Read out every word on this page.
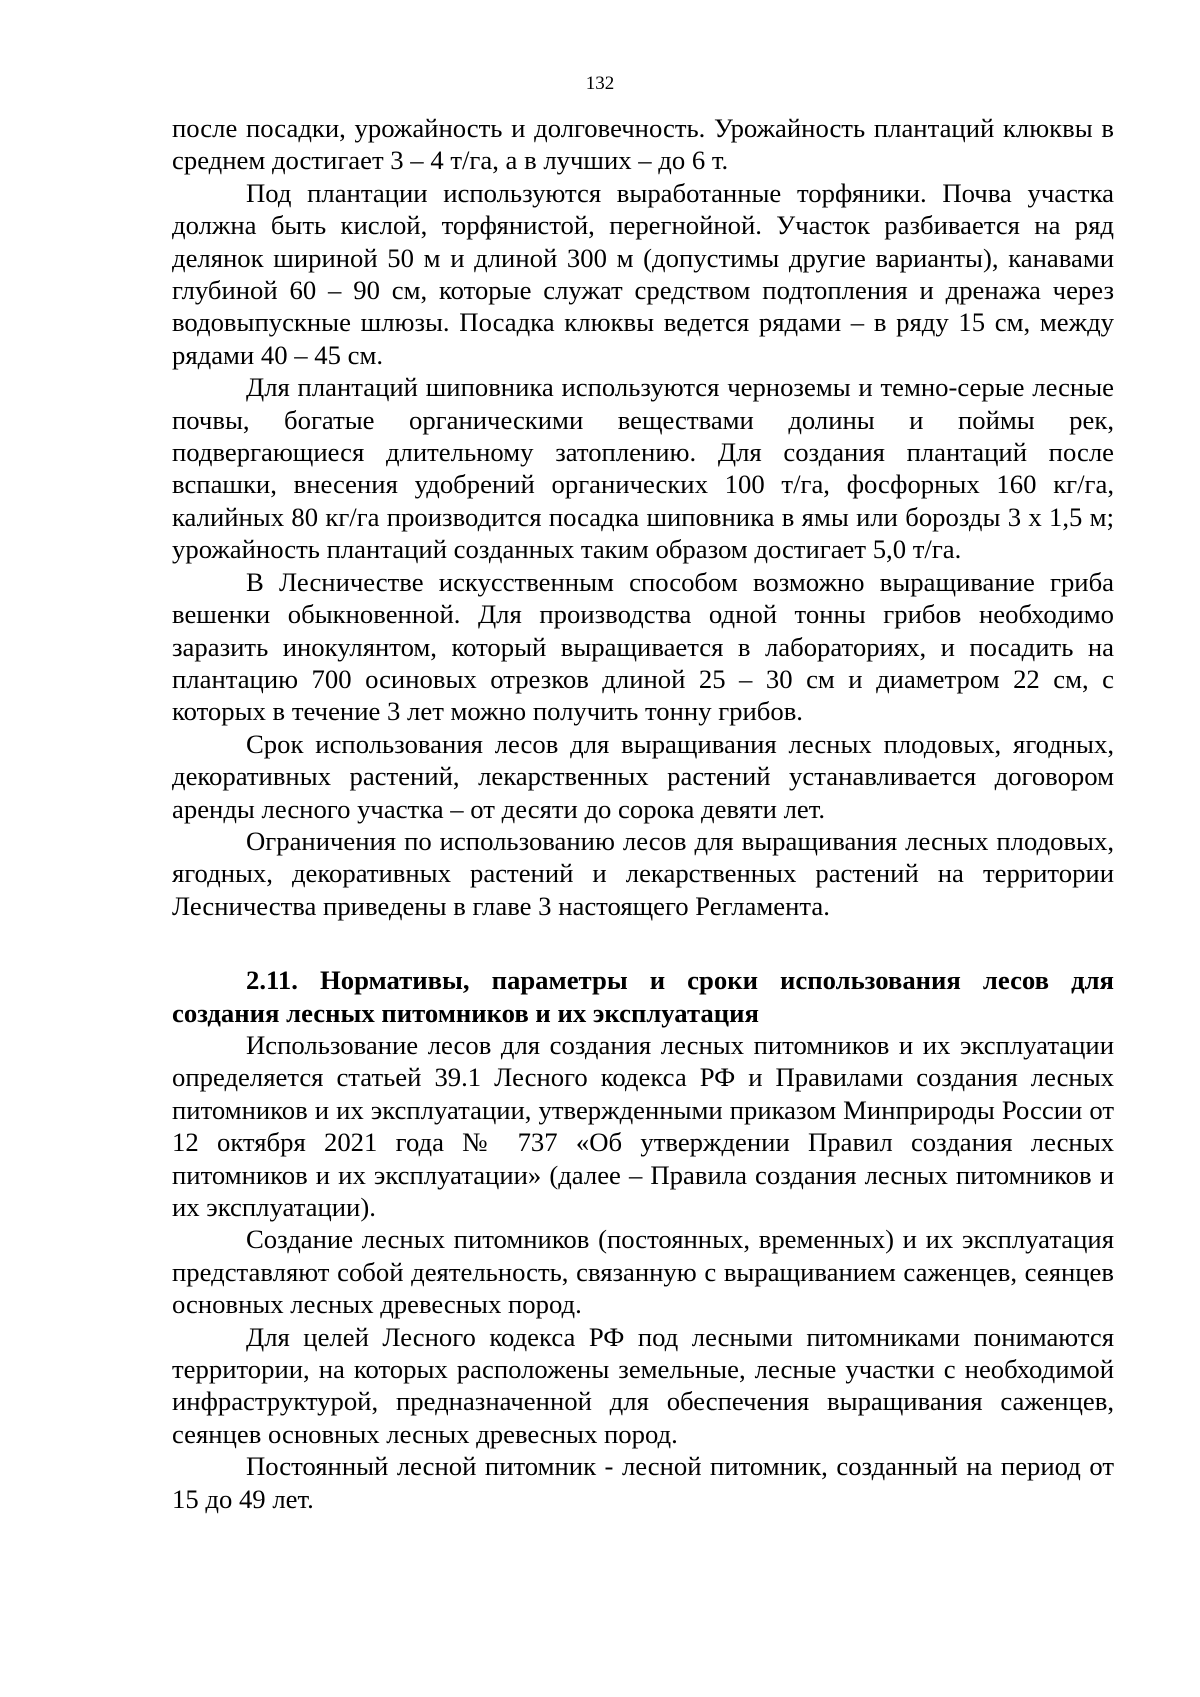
132

после посадки, урожайность и долговечность. Урожайность плантаций клюквы в среднем достигает 3 – 4 т/га, а в лучших – до 6 т.

Под плантации используются выработанные торфяники. Почва участка должна быть кислой, торфянистой, перегнойной. Участок разбивается на ряд делянок шириной 50 м и длиной 300 м (допустимы другие варианты), канавами глубиной 60 – 90 см, которые служат средством подтопления и дренажа через водовыпускные шлюзы. Посадка клюквы ведется рядами – в ряду 15 см, между рядами 40 – 45 см.

Для плантаций шиповника используются черноземы и темно-серые лесные почвы, богатые органическими веществами долины и поймы рек, подвергающиеся длительному затоплению. Для создания плантаций после вспашки, внесения удобрений органических 100 т/га, фосфорных 160 кг/га, калийных 80 кг/га производится посадка шиповника в ямы или борозды 3 х 1,5 м; урожайность плантаций созданных таким образом достигает 5,0 т/га.

В Лесничестве искусственным способом возможно выращивание гриба вешенки обыкновенной. Для производства одной тонны грибов необходимо заразить инокулянтом, который выращивается в лабораториях, и посадить на плантацию 700 осиновых отрезков длиной 25 – 30 см и диаметром 22 см, с которых в течение 3 лет можно получить тонну грибов.

Срок использования лесов для выращивания лесных плодовых, ягодных, декоративных растений, лекарственных растений устанавливается договором аренды лесного участка – от десяти до сорока девяти лет.

Ограничения по использованию лесов для выращивания лесных плодовых, ягодных, декоративных растений и лекарственных растений на территории Лесничества приведены в главе 3 настоящего Регламента.

2.11. Нормативы, параметры и сроки использования лесов для создания лесных питомников и их эксплуатация

Использование лесов для создания лесных питомников и их эксплуатации определяется статьей 39.1 Лесного кодекса РФ и Правилами создания лесных питомников и их эксплуатации, утвержденными приказом Минприроды России от 12 октября 2021 года № 737 «Об утверждении Правил создания лесных питомников и их эксплуатации» (далее – Правила создания лесных питомников и их эксплуатации).

Создание лесных питомников (постоянных, временных) и их эксплуатация представляют собой деятельность, связанную с выращиванием саженцев, сеянцев основных лесных древесных пород.

Для целей Лесного кодекса РФ под лесными питомниками понимаются территории, на которых расположены земельные, лесные участки с необходимой инфраструктурой, предназначенной для обеспечения выращивания саженцев, сеянцев основных лесных древесных пород.

Постоянный лесной питомник - лесной питомник, созданный на период от 15 до 49 лет.
